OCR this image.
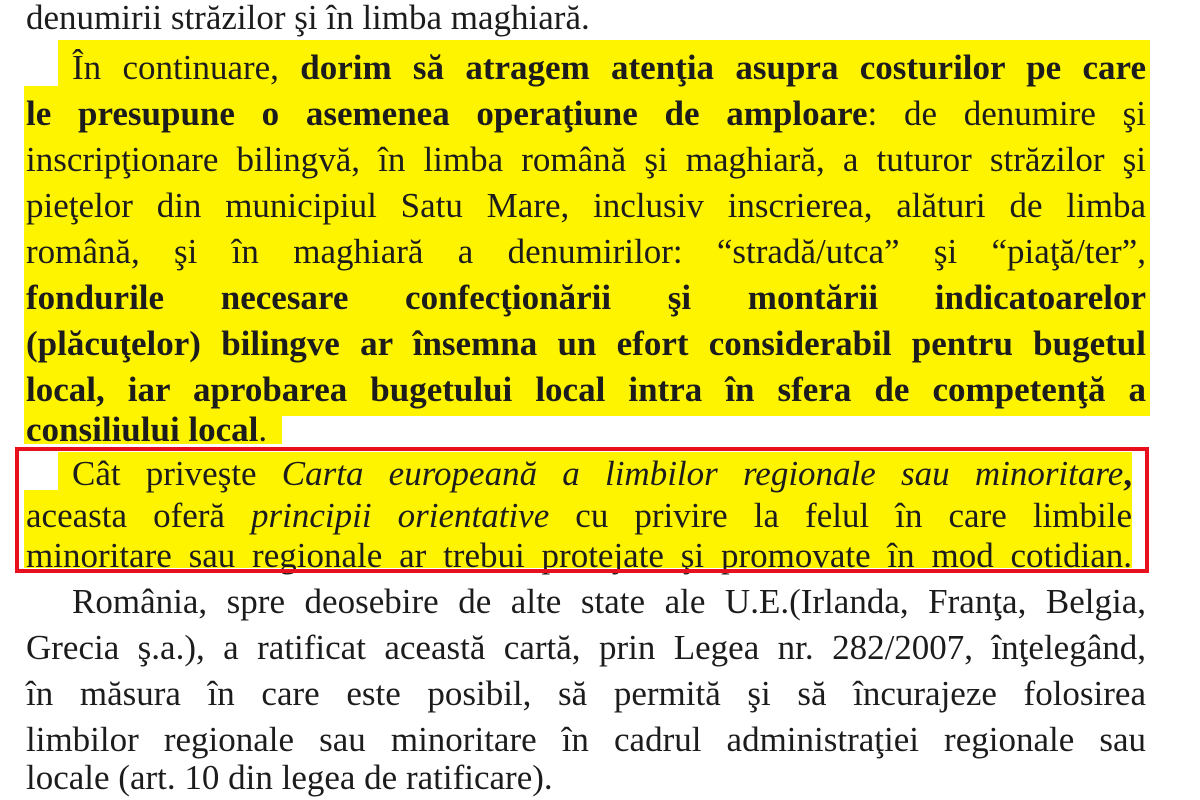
denumirii străzilor şi în limba maghiară.
În continuare, dorim să atragem atenţia asupra costurilor pe care
le presupune o asemenea operaţiune de amploare: de denumire şi
inscripţionare bilingvă, în limba română şi maghiară, a tuturor străzilor şi
pieţelor din municipiul Satu Mare, inclusiv inscrierea, alături de limba
română, şi în maghiară a denumirilor: “stradă/utca” şi “piaţă/ter”,
fondurile necesare confecţionării şi montării indicatoarelor
(plăcuţelor) bilingve ar însemna un efort considerabil pentru bugetul
local, iar aprobarea bugetului local intra în sfera de competenţă a
consiliului local.
Cât priveşte Carta europeană a limbilor regionale sau minoritare,
aceasta oferă principii orientative cu privire la felul în care limbile
minoritare sau regionale ar trebui protejate şi promovate în mod cotidian.
România, spre deosebire de alte state ale U.E.(Irlanda, Franţa, Belgia,
Grecia ş.a.), a ratificat această cartă, prin Legea nr. 282/2007, înţelegând,
în măsura în care este posibil, să permită şi să încurajeze folosirea
limbilor regionale sau minoritare în cadrul administraţiei regionale sau
locale (art. 10 din legea de ratificare).
